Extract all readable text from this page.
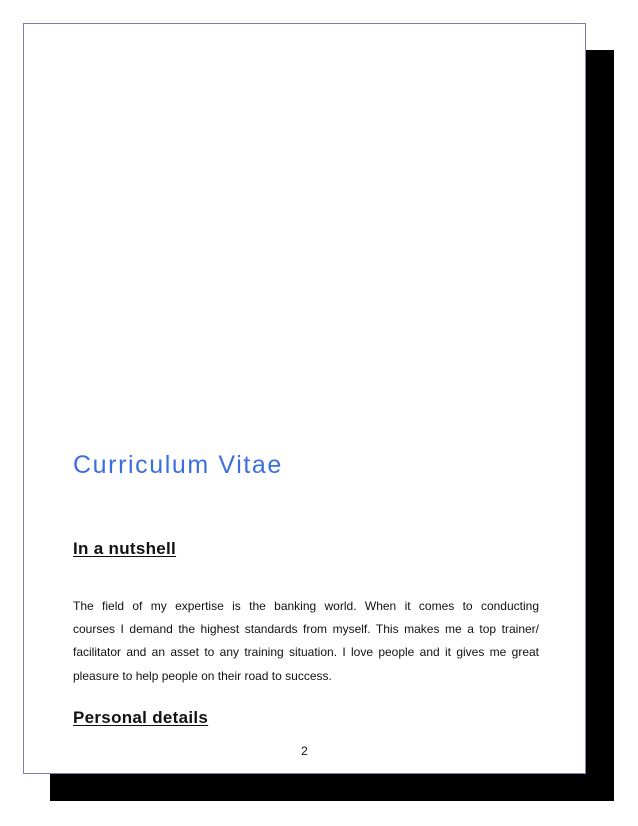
Curriculum Vitae
In a nutshell
The field of my expertise is the banking world. When it comes to conducting
courses I demand the highest standards from myself. This makes me a top trainer/
facilitator and an asset to any training situation. I love people and it gives me great
pleasure to help people on their road to success.
Personal details
2
